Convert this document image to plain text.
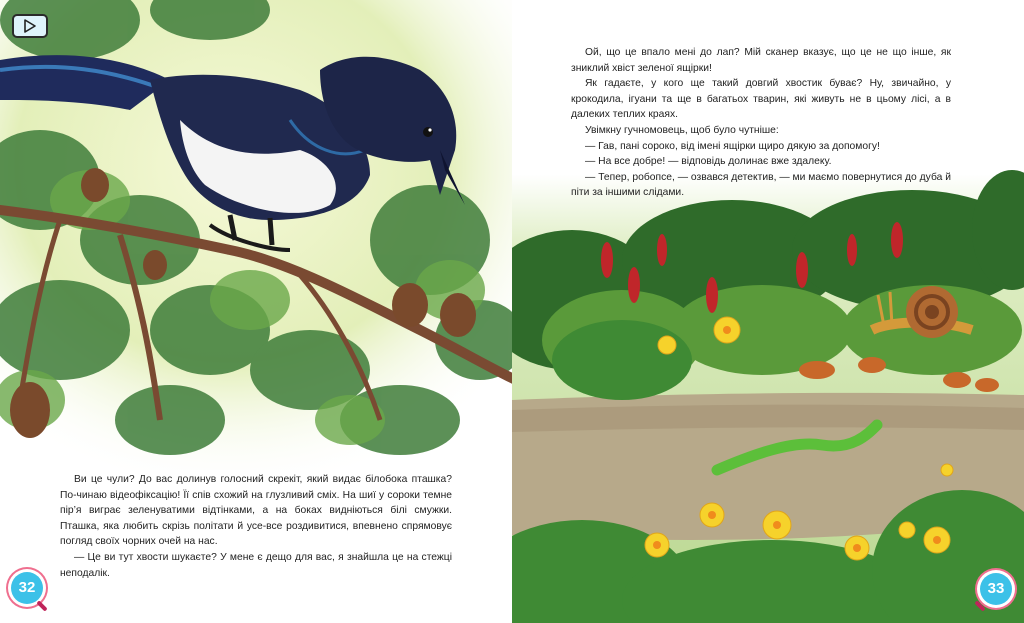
Ви це чули? До вас долинув голосний скрекіт, який видає білобока пташка? По-чинаю відеофіксацію! Її спів схожий на глузливий сміх. На шиї у сороки темне пір’я виграє зеленуватими відтінками, а на боках видніються білі смужки. Пташка, яка любить скрізь політати й усе-все роздивитися, впевнено спрямовує погляд своїх чорних очей на нас.

— Це ви тут хвости шукаєте? У мене є дещо для вас, я знайшла це на стежці неподалік.

32

Ой, що це впало мені до лап? Мій сканер вказує, що це не що інше, як зниклий хвіст зеленої ящірки!

Як гадаєте, у кого ще такий довгий хвостик буває? Ну, звичайно, у крокодила, ігуани та ще в багатьох тварин, які живуть не в цьому лісі, а в далеких теплих краях.

Увімкну гучномовець, щоб було чутніше:

— Гав, пані сороко, від імені ящірки щиро дякую за допомогу!

— На все добре! — відповідь долинає вже здалеку.

— Тепер, робопсе, — озвався детектив, — ми маємо повернутися до дуба й піти за іншими слідами.

33
